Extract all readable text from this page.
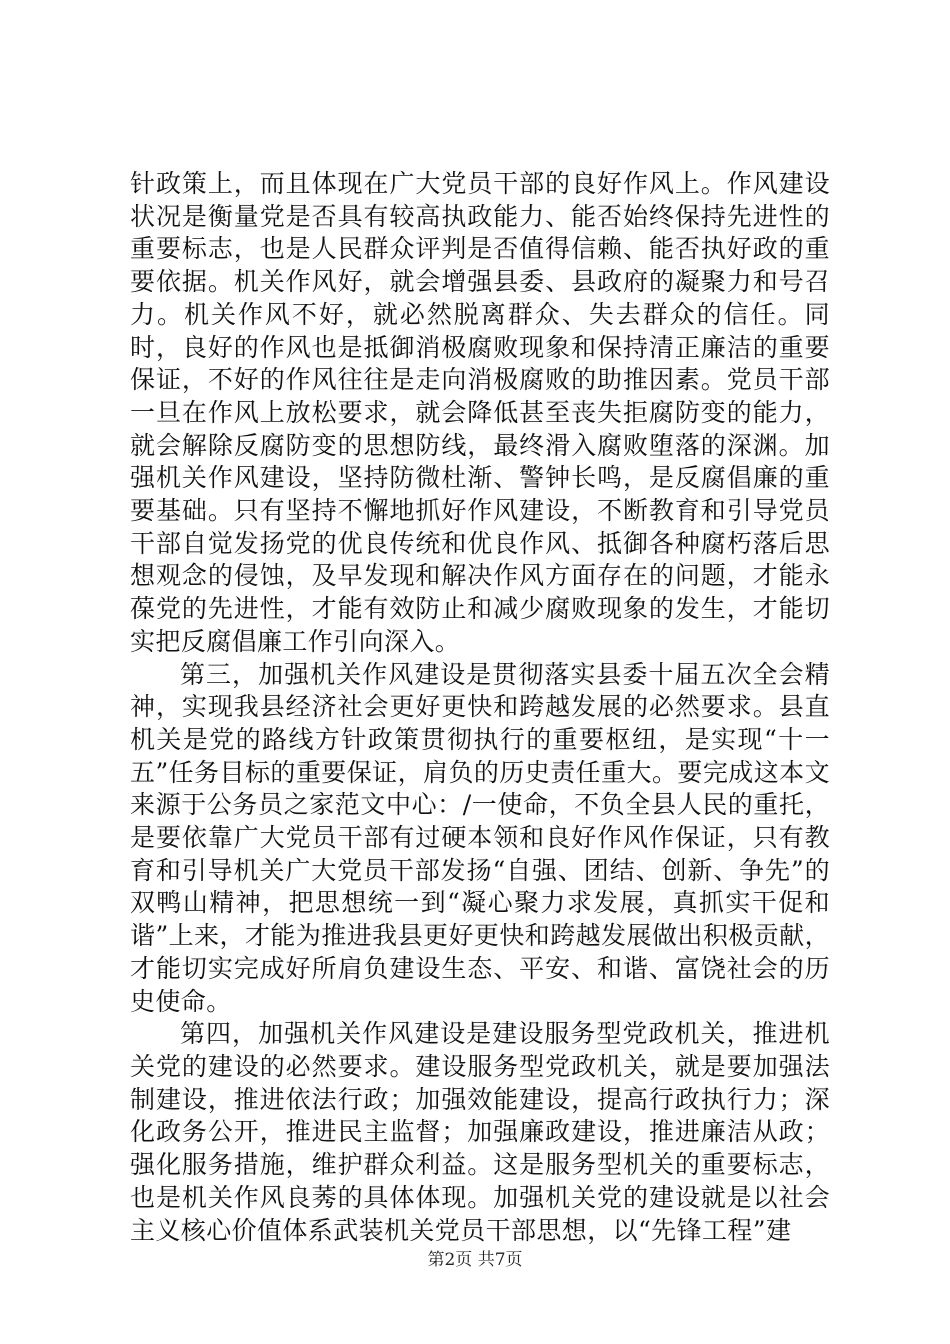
针政策上，而且体现在广大党员干部的良好作风上。作风建设状况是衡量党是否具有较高执政能力、能否始终保持先进性的重要标志，也是人民群众评判是否值得信赖、能否执好政的重要依据。机关作风好，就会增强县委、县政府的凝聚力和号召力。机关作风不好，就必然脱离群众、失去群众的信任。同时，良好的作风也是抵御消极腐败现象和保持清正廉洁的重要保证，不好的作风往往是走向消极腐败的助推因素。党员干部一旦在作风上放松要求，就会降低甚至丧失拒腐防变的能力，就会解除反腐防变的思想防线，最终滑入腐败堕落的深渊。加强机关作风建设，坚持防微杜渐、警钟长鸣，是反腐倡廉的重要基础。只有坚持不懈地抓好作风建设，不断教育和引导党员干部自觉发扬党的优良传统和优良作风、抵御各种腐朽落后思想观念的侵蚀，及早发现和解决作风方面存在的问题，才能永葆党的先进性，才能有效防止和减少腐败现象的发生，才能切实把反腐倡廉工作引向深入。

第三，加强机关作风建设是贯彻落实县委十届五次全会精神，实现我县经济社会更好更快和跨越发展的必然要求。县直机关是党的路线方针政策贯彻执行的重要枢纽，是实现“十一五”任务目标的重要保证，肩负的历史责任重大。要完成这本文来源于公务员之家范文中心：/一使命，不负全县人民的重托，是要依靠广大党员干部有过硬本领和良好作风作保证，只有教育和引导机关广大党员干部发扬“自强、团结、创新、争先”的双鸭山精神，把思想统一到“凝心聚力求发展，真抓实干促和谐”上来，才能为推进我县更好更快和跨越发展做出积极贡献，才能切实完成好所肩负建设生态、平安、和谐、富饶社会的历史使命。

第四，加强机关作风建设是建设服务型党政机关，推进机关党的建设的必然要求。建设服务型党政机关，就是要加强法制建设，推进依法行政；加强效能建设，提高行政执行力；深化政务公开，推进民主监督；加强廉政建设，推进廉洁从政；强化服务措施，维护群众利益。这是服务型机关的重要标志，也是机关作风良莠的具体体现。加强机关党的建设就是以社会主义核心价值体系武装机关党员干部思想，以“先锋工程”建

第2页 共7页
